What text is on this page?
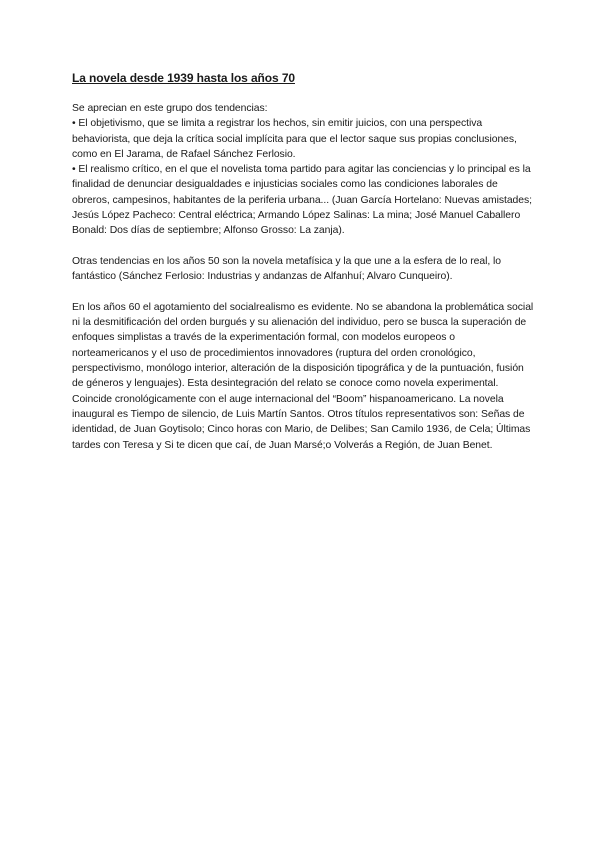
La novela desde 1939 hasta los años 70

Se aprecian en este grupo dos tendencias:

• El objetivismo, que se limita a registrar los hechos, sin emitir juicios, con una perspectiva behaviorista, que deja la crítica social implícita para que el lector saque sus propias conclusiones, como en El Jarama, de Rafael Sánchez Ferlosio.

• El realismo crítico, en el que el novelista toma partido para agitar las conciencias y lo principal es la finalidad de denunciar desigualdades e injusticias sociales como las condiciones laborales de obreros, campesinos, habitantes de la periferia urbana... (Juan García Hortelano: Nuevas amistades; Jesús López Pacheco: Central eléctrica; Armando López Salinas: La mina; José Manuel Caballero Bonald: Dos días de septiembre; Alfonso Grosso: La zanja).

Otras tendencias en los años 50 son la novela metafísica y la que une a la esfera de lo real, lo fantástico (Sánchez Ferlosio: Industrias y andanzas de Alfanhuí; Alvaro Cunqueiro).

En los años 60 el agotamiento del socialrealismo es evidente. No se abandona la problemática social ni la desmitificación del orden burgués y su alienación del individuo, pero se busca la superación de enfoques simplistas a través de la experimentación formal, con modelos europeos o norteamericanos y el uso de procedimientos innovadores (ruptura del orden cronológico, perspectivismo, monólogo interior, alteración de la disposición tipográfica y de la puntuación, fusión de géneros y lenguajes). Esta desintegración del relato se conoce como novela experimental. Coincide cronológicamente con el auge internacional del “Boom” hispanoamericano. La novela inaugural es Tiempo de silencio, de Luis Martín Santos. Otros títulos representativos son: Señas de identidad, de Juan Goytisolo; Cinco horas con Mario, de Delibes; San Camilo 1936, de Cela; Últimas tardes con Teresa y Si te dicen que caí, de Juan Marsé;o Volverás a Región, de Juan Benet.
